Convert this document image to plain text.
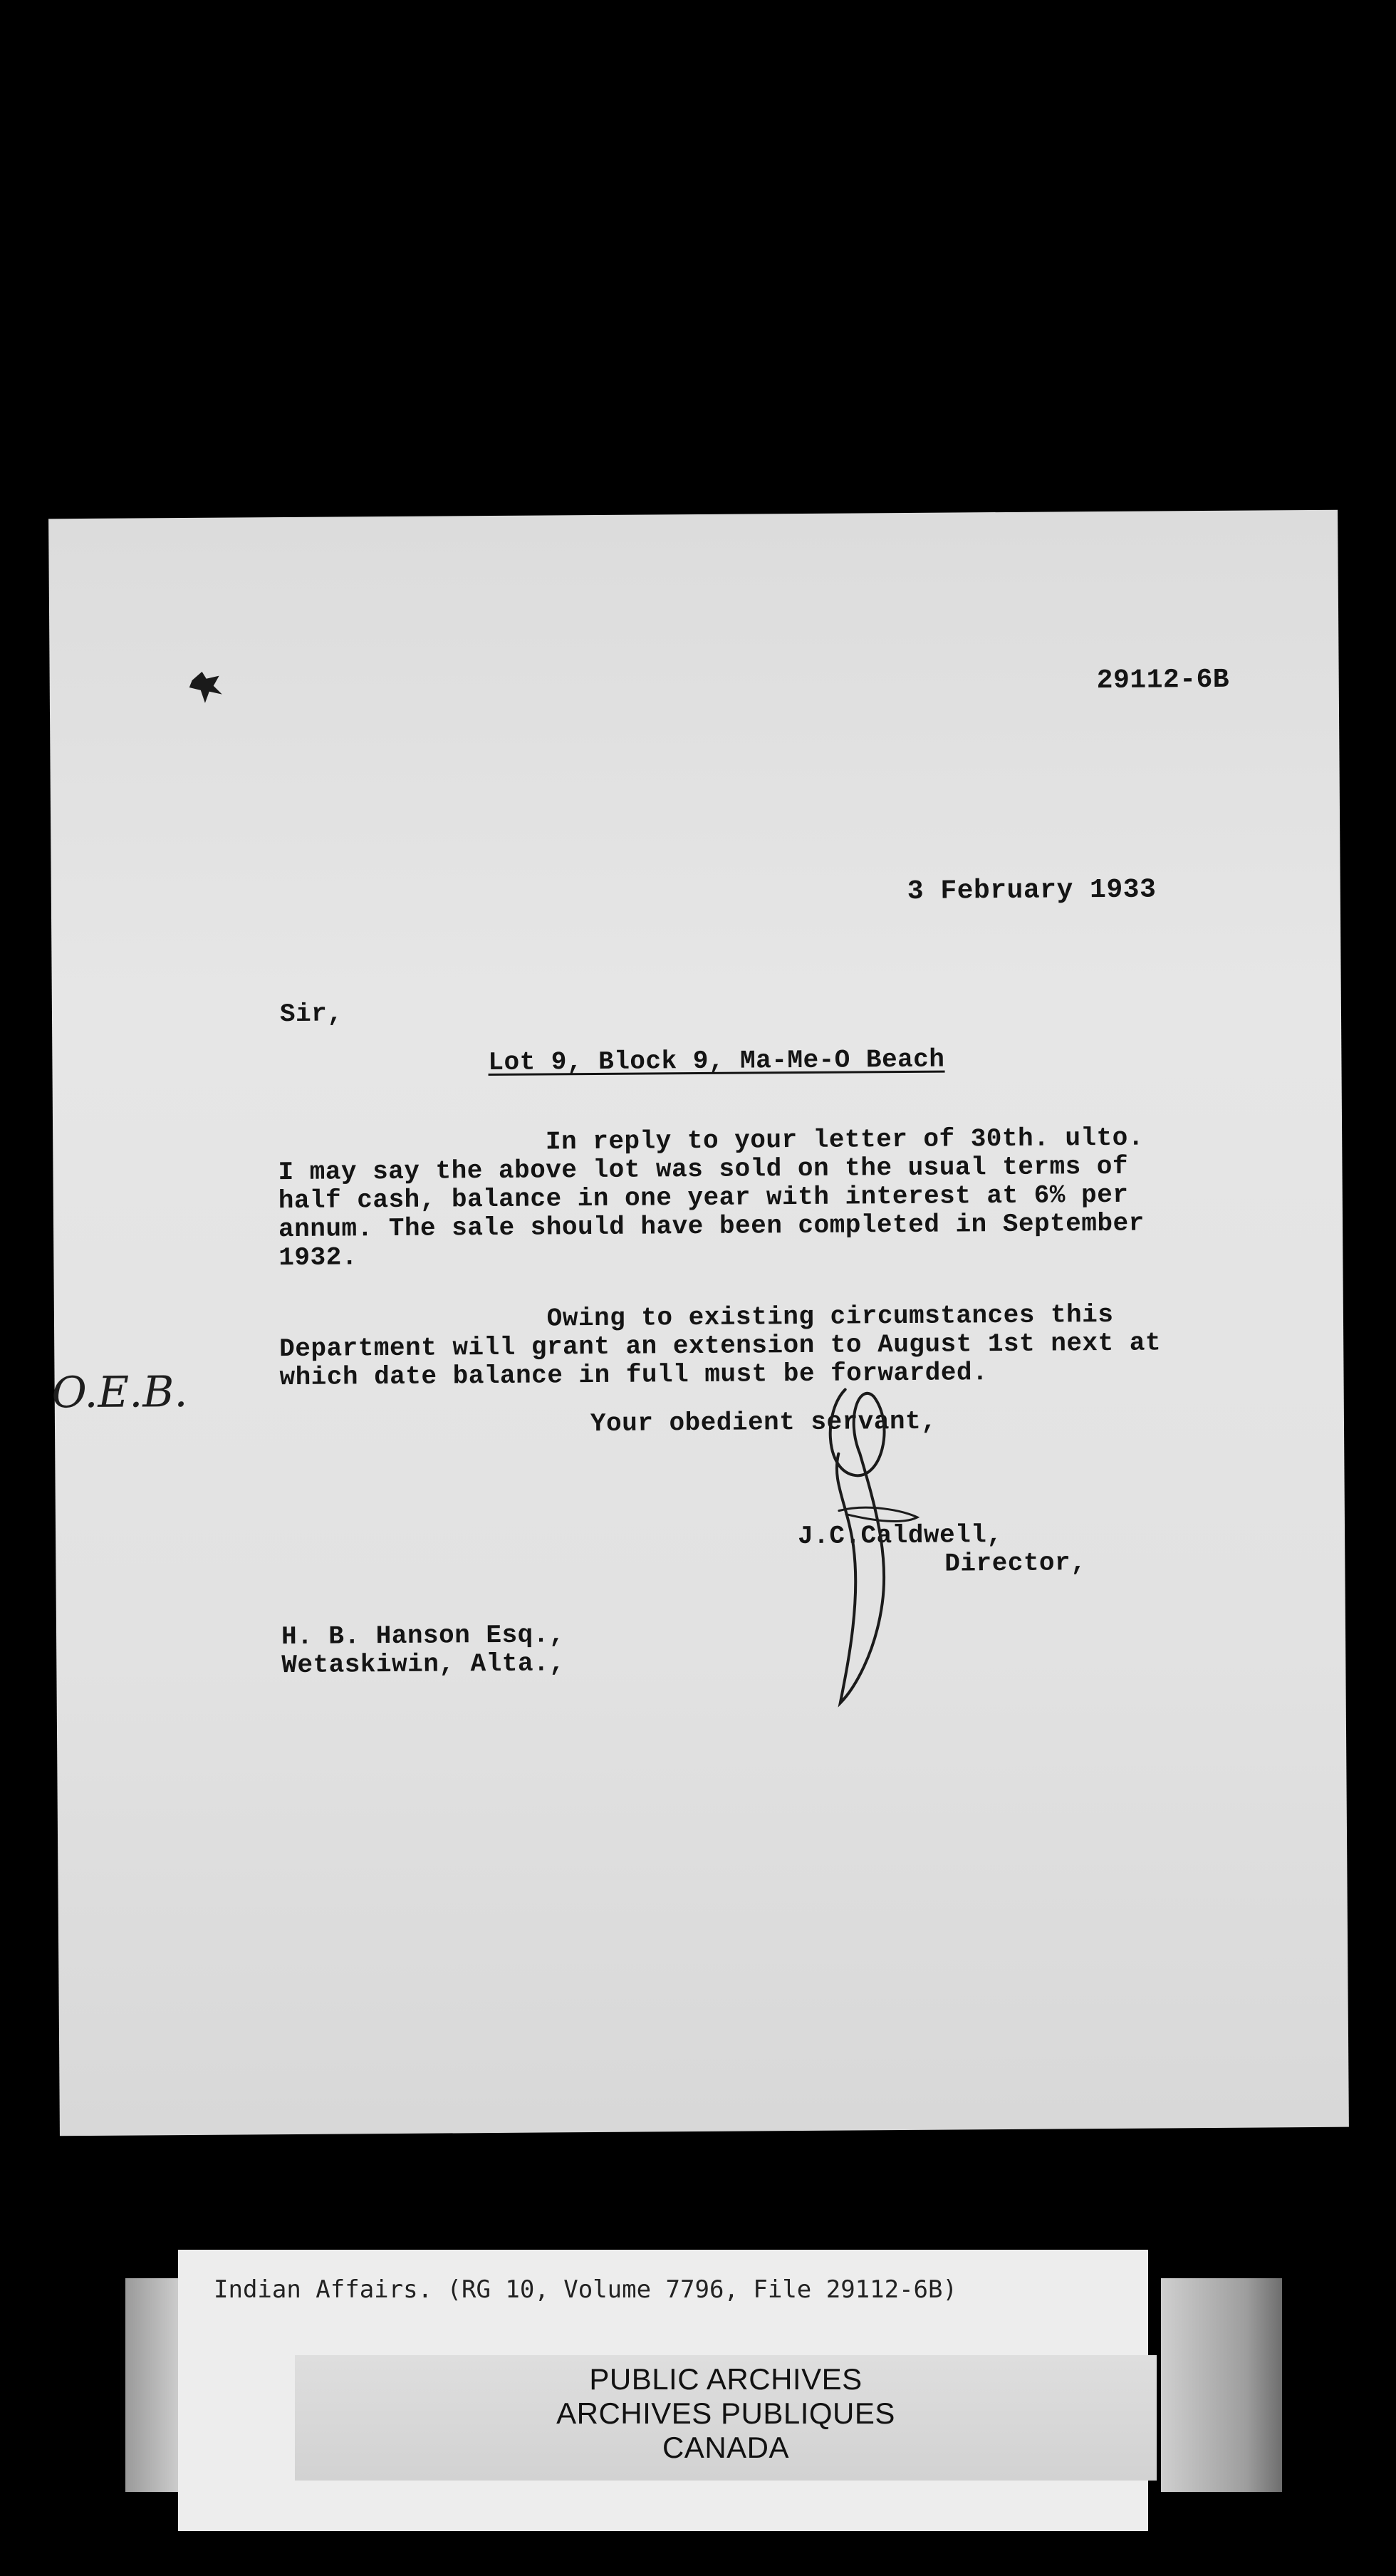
29112-6B
3 February 1933
Sir,
Lot 9, Block 9, Ma-Me-O Beach
In reply to your letter of 30th. ulto.
I may say the above lot was sold on the usual terms of
half cash, balance in one year with interest at 6% per
annum. The sale should have been completed in September
1932.
Owing to existing circumstances this
Department will grant an extension to August 1st next at
which date balance in full must be forwarded.
Your obedient servant,
J.C.Caldwell,
Director,
H. B. Hanson Esq.,
Wetaskiwin, Alta.,
O.E.B.
Indian Affairs. (RG 10, Volume 7796, File 29112-6B)
PUBLIC ARCHIVES
ARCHIVES PUBLIQUES
CANADA
